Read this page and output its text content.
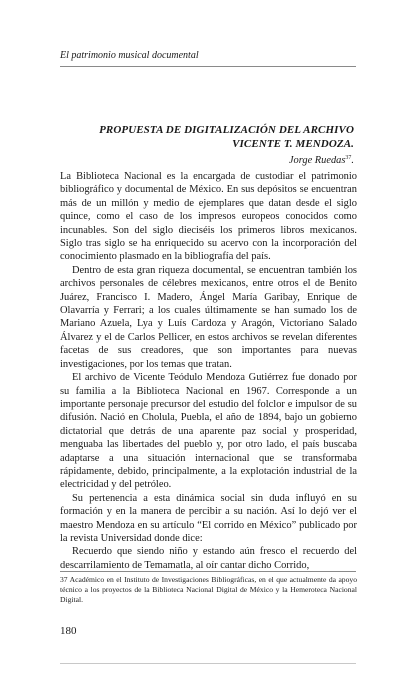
El patrimonio musical documental
PROPUESTA DE DIGITALIZACIÓN DEL ARCHIVO VICENTE T. MENDOZA.
Jorge Ruedas$^{37}$.

La Biblioteca Nacional es la encargada de custodiar el patrimonio bibliográfico y documental de México. En sus depósitos se encuentran más de un millón y medio de ejemplares que datan desde el siglo quince, como el caso de los impresos europeos conocidos como incunables. Son del siglo dieciséis los primeros libros mexicanos. Siglo tras siglo se ha enriquecido su acervo con la incorporación del conocimiento plasmado en la bibliografía del país.

Dentro de esta gran riqueza documental, se encuentran también los archivos personales de célebres mexicanos, entre otros el de Benito Juárez, Francisco I. Madero, Ángel María Garibay, Enrique de Olavarría y Ferrari; a los cuales últimamente se han sumado los de Mariano Azuela, Lya y Luís Cardoza y Aragón, Victoriano Salado Álvarez y el de Carlos Pellicer, en estos archivos se revelan diferentes facetas de sus creadores, que son importantes para nuevas investigaciones, por los temas que tratan.

El archivo de Vicente Teódulo Mendoza Gutiérrez fue donado por su familia a la Biblioteca Nacional en 1967. Corresponde a un importante personaje precursor del estudio del folclor e impulsor de su difusión. Nació en Cholula, Puebla, el año de 1894, bajo un gobierno dictatorial que detrás de una aparente paz social y prosperidad, menguaba las libertades del pueblo y, por otro lado, el país buscaba adaptarse a una situación internacional que se transformaba rápidamente, debido, principalmente, a la explotación industrial de la electricidad y del petróleo.

Su pertenencia a esta dinámica social sin duda influyó en su formación y en la manera de percibir a su nación. Así lo dejó ver el maestro Mendoza en su artículo “El corrido en México” publicado por la revista Universidad donde dice:

Recuerdo que siendo niño y estando aún fresco el recuerdo del descarrilamiento de Temamatla, al oír cantar dicho Corrido,

37 Académico en el Instituto de Investigaciones Bibliográficas, en el que actualmente da apoyo técnico a los proyectos de la Biblioteca Nacional Digital de México y la Hemeroteca Nacional Digital.
180
